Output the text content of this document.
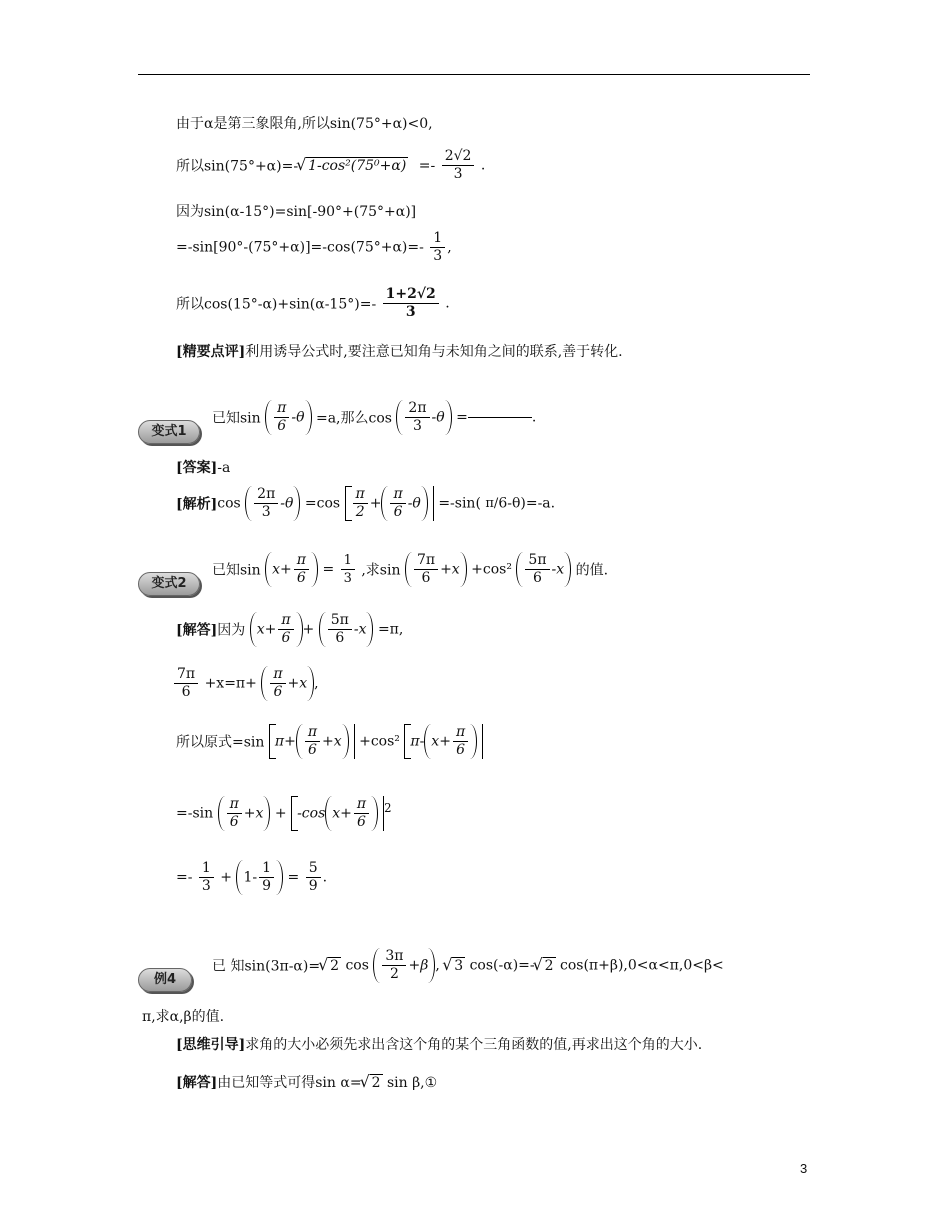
由于α是第三象限角,所以sin(75°+α)<0,
所以sin(75°+α)=- √ $1-\cos^2(75^0+\alpha) =- \frac{2√2}{3}$ .
因为sin(α-15°)=sin[-90°+(75°+α)]
$=-\sin[90^\circ-(75^\circ+\alpha)]=-\cos(75^\circ+\alpha)=- \frac{1}{3}$ ,
所以$\cos(15^\circ-\alpha)+\sin(\alpha-15^\circ)=- \frac{1+2√2}{3}$ .
[精要点评]利用诱导公式时,要注意已知角与未知角之间的联系,善于转化.
变式1
已知$\sin \frac{\pi}{6} -\theta =a$,那么$\cos \frac{2\pi}{3} -\theta$ =	.
[答案]-a
[解析]$\cos \frac{2\pi}{3} -\theta =\cos \frac{\pi}{2} + \frac{\pi}{6} -\theta =-\sin$( π/6-θ)=-a.
变式2
已知$\sin x+ \frac{\pi}{6} = \frac{1}{3}$ ,求$\sin \frac{7\pi}{6} +x +\cos^2 \frac{5\pi}{6} -x$ 的值.
[解答]因为 $x+ \frac{\pi}{6} + \frac{5\pi}{6} -x =\pi$,
$\frac{7\pi}{6} +x=\pi+ \frac{\pi}{6} +x$ ,
所以原式=sin $\pi+ \frac{\pi}{6} +x +\cos^2$ π- $x+ \frac{\pi}{6}$
$=-\sin \frac{\pi}{6} +x + -\cos$ $x+ \frac{\pi}{6} ^2$
=- $\frac{1}{3} + 1- \frac{1}{9} = \frac{5}{9}$ .
例4
已 知sin(3π-α)= √ 2 $\cos \frac{3\pi}{2} +\beta$ , √ 3 cos(-α)=- √ 2 cos(π+β),0<α<π,0<β<
π,求α,β的值.
[思维引导]求角的大小必须先求出含这个角的某个三角函数的值,再求出这个角的大小.
[解答]由已知等式可得sin α= √ 2 sin β,①
3
